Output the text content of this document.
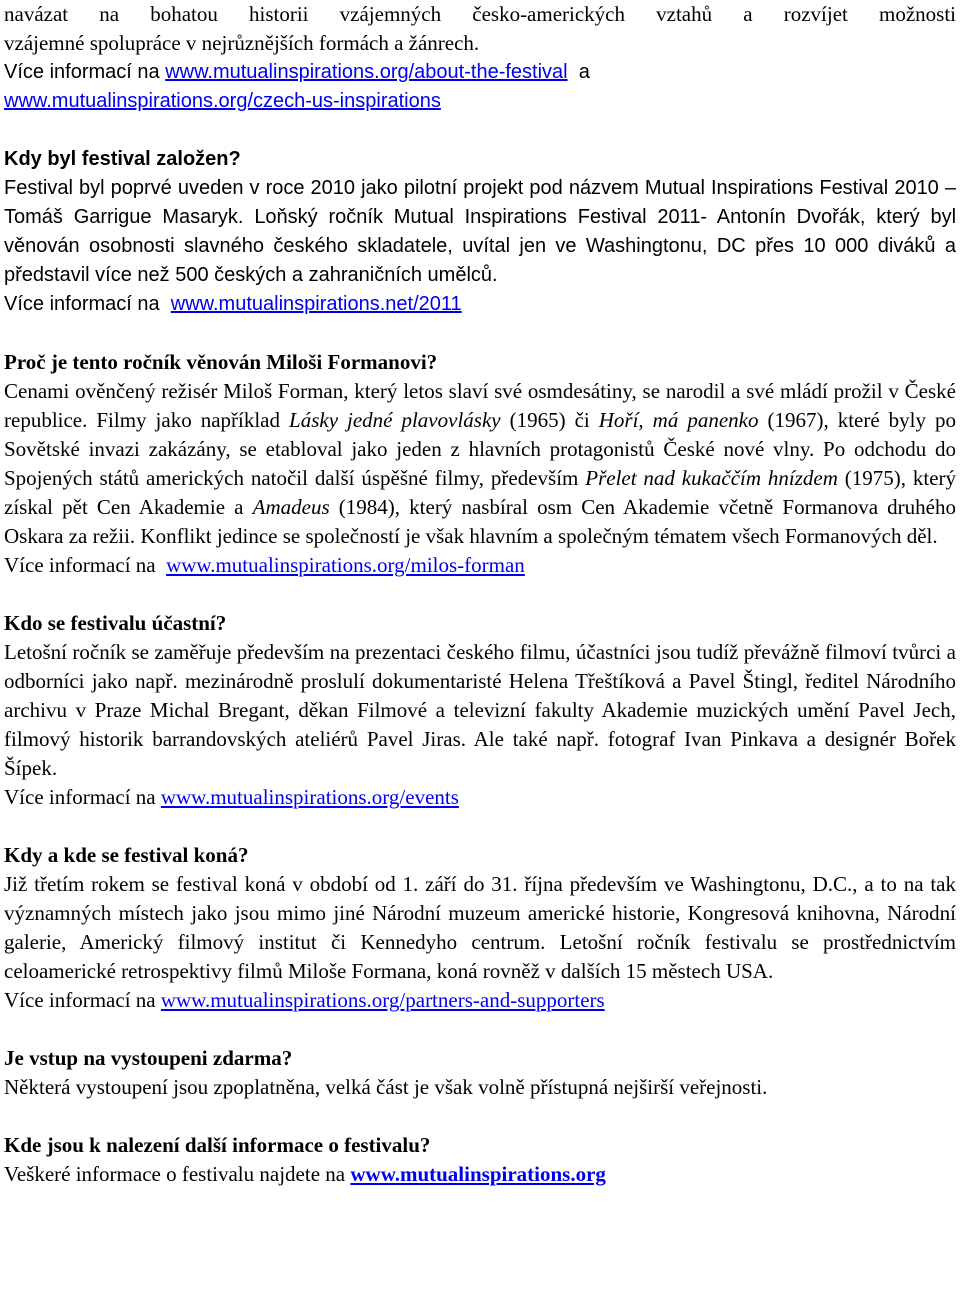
navázat na bohatou historii vzájemných česko-amerických vztahů a rozvíjet možnosti

vzájemné spolupráce v nejrůznějších formách a žánrech.

Více informací na www.mutualinspirations.org/about-the-festival a
www.mutualinspirations.org/czech-us-inspirations

Kdy byl festival založen?

Festival byl poprvé uveden v roce 2010 jako pilotní projekt pod názvem Mutual Inspirations Festival 2010 – Tomáš Garrigue Masaryk. Loňský ročník Mutual Inspirations Festival 2011- Antonín Dvořák, který byl věnován osobnosti slavného českého skladatele, uvítal jen ve Washingtonu, DC přes 10 000 diváků a představil více než 500 českých a zahraničních umělců.

Více informací na www.mutualinspirations.net/2011

Proč je tento ročník věnován Miloši Formanovi?

Cenami ověnčený režisér Miloš Forman, který letos slaví své osmdesátiny, se narodil a své mládí prožil v České republice. Filmy jako například Lásky jedné plavovlásky (1965) či Hoří, má panenko (1967), které byly po Sovětské invazi zakázány, se etabloval jako jeden z hlavních protagonistů České nové vlny. Po odchodu do Spojených států amerických natočil další úspěšné filmy, především Přelet nad kukaččím hnízdem (1975), který získal pět Cen Akademie a Amadeus (1984), který nasbíral osm Cen Akademie včetně Formanova druhého Oskara za režii. Konflikt jedince se společností je však hlavním a společným tématem všech Formanových děl.

Více informací na www.mutualinspirations.org/milos-forman

Kdo se festivalu účastní?

Letošní ročník se zaměřuje především na prezentaci českého filmu, účastníci jsou tudíž převážně filmoví tvůrci a odborníci jako např. mezinárodně proslulí dokumentaristé Helena Třeštíková a Pavel Štingl, ředitel Národního archivu v Praze Michal Bregant, děkan Filmové a televizní fakulty Akademie muzických umění Pavel Jech, filmový historik barrandovských ateliérů Pavel Jiras. Ale také např. fotograf Ivan Pinkava a designér Bořek Šípek.

Více informací na www.mutualinspirations.org/events

Kdy a kde se festival koná?

Již třetím rokem se festival koná v období od 1. září do 31. října především ve Washingtonu, D.C., a to na tak významných místech jako jsou mimo jiné Národní muzeum americké historie, Kongresová knihovna, Národní galerie, Americký filmový institut či Kennedyho centrum. Letošní ročník festivalu se prostřednictvím celoamerické retrospektivy filmů Miloše Formana, koná rovněž v dalších 15 městech USA.

Více informací na www.mutualinspirations.org/partners-and-supporters

Je vstup na vystoupeni zdarma?

Některá vystoupení jsou zpoplatněna, velká část je však volně přístupná nejširší veřejnosti.

Kde jsou k nalezení další informace o festivalu?

Veškeré informace o festivalu najdete na www.mutualinspirations.org
